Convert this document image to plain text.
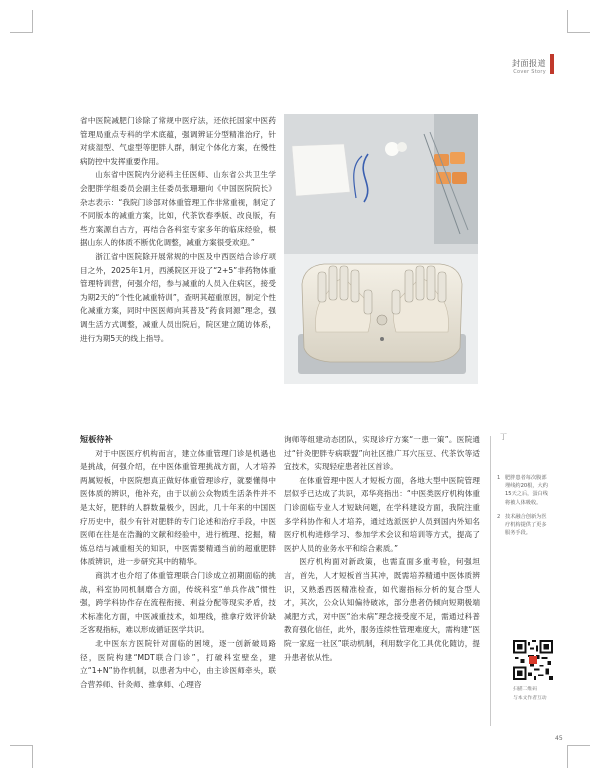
封面报道
Cover Story

省中医院减肥门诊除了常规中医疗法，还依托国家中医药管理局重点专科的学术底蕴，强调辨证分型精准治疗，针对痰湿型、气虚型等肥胖人群，制定个体化方案，在慢性病防控中发挥重要作用。

山东省中医院内分泌科主任医师、山东省公共卫生学会肥胖学组委员会副主任委员张珊珊向《中国医院院长》杂志表示：“我院门诊部对体重管理工作非常重视，制定了不同版本的减重方案，比如，代茶饮春季版、改良版，有些方案源自古方，再结合各科室专家多年的临床经验，根据山东人的体质不断优化调整，减重方案很受欢迎。”

浙江省中医院除开展常规的中医及中西医结合诊疗项目之外，2025年1月，西溪院区开设了“2+5”非药物体重管理特训营，何强介绍，参与减重的人员入住病区，接受为期2天的“个性化减重特训”，查明其超重原因，制定个性化减重方案，同时中医医师向其普及“药食同源”理念，强调生活方式调整，减重人员出院后，院区建立随访体系，进行为期5天的线上指导。

短板待补

对于中医医疗机构而言，建立体重管理门诊是机遇也是挑战，何强介绍，在中医体重管理挑战方面，人才培养两属短板，中医院想真正做好体重管理诊疗，就要懂得中医体质的辨识，他补充，由于以前公众物质生活条件并不是太好，肥胖的人群数量极少，因此，几十年来的中国医疗历史中，很少有针对肥胖的专门论述和治疗手段，中医医师在往是在浩瀚的文献和经验中，进行梳理、挖掘，精炼总结与减重相关的知识，中医需要精通当前的超重肥胖体质辨识，进一步研究其中的精华。

商洪才也介绍了体重管理联合门诊成立初期面临的挑战，科室协同机制磨合方面，传统科室“单兵作战”惯性强，跨学科协作存在流程衔接、利益分配等现实矛盾，技术标准化方面，中医减重技术，如埋线，推拿疗效评价缺乏客观指标，难以形成循证医学共识。

北中医东方医院针对面临的困境，逐一创新破局路径，医院构建“MDT联合门诊”，打破科室壁垒，建立“1+N”协作机制，以患者为中心，由主诊医师牵头，联合营养师、针灸师、推拿师、心理咨

询师等组建动态团队，实现诊疗方案“一患一策”。医院通过“针灸肥胖专病联盟”向社区推广耳穴压豆、代茶饮等适宜技术，实现轻症患者社区首诊。

在体重管理中医人才短板方面，各地大型中医院管理层似乎已达成了共识，邓华亮指出：“中医类医疗机构体重门诊面临专业人才短缺问题，在学科建设方面，我院注重多学科协作和人才培养，通过选派医护人员到国内外知名医疗机构进修学习、参加学术会议和培训等方式，提高了医护人员的业务水平和综合素质。”

医疗机构面对新政策，也需直面多重考验，何强坦言，首先，人才短板首当其冲，既需培养精通中医体质辨识，又熟悉西医精准检查，如代谢指标分析的复合型人才，其次，公众认知偏待破冰，部分患者仍倾向短期极端减肥方式，对中医“治未病”理念接受度不足，需通过科普教育强化信任，此外，服务连续性管理难度大，需构建“医院一家庭一社区”联动机制，利用数字化工具优化随访，提升患者依从性。

丁
1 肥胖患者每次腹部埋线约20根，大约15天之后，蛋白线将被人体吸收。
2 技术融合创新为医疗机构提供了更多服务手段。
扫描二维码
与本文作者互动
45
